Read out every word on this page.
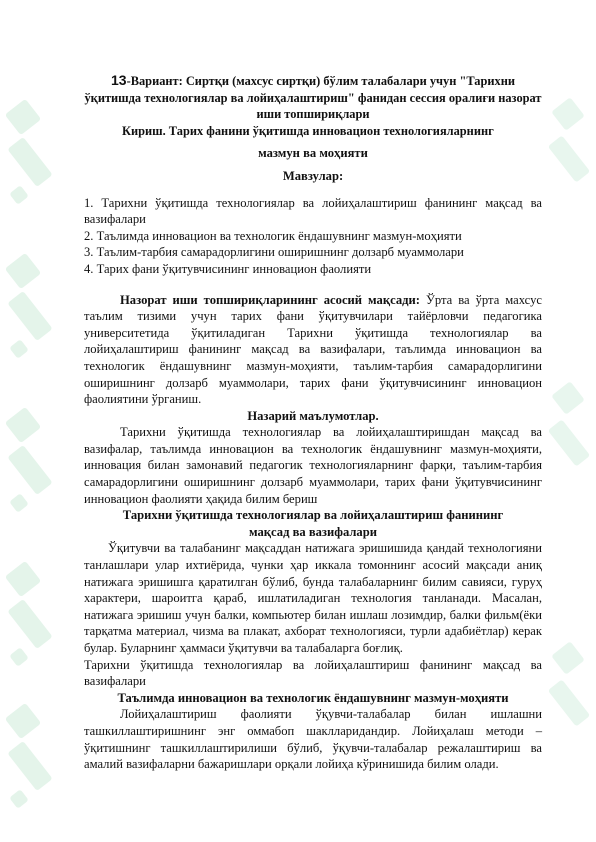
13-Вариант: Сиртқи (махсус сиртқи) бўлим талабалари учун "Тарихни ўқитишда технологиялар ва лойиҳалаштириш" фанидан сессия оралиғи назорат иши топшириқлари

Кириш. Тарих фанини ўқитишда инновацион технологияларнинг

мазмун ва моҳияти

Мавзулар:

1. Тарихни ўқитишда технологиялар ва лойиҳалаштириш фанининг мақсад ва вазифалари
2. Таълимда инновацион ва технологик ёндашувнинг мазмун-моҳияти
3. Таълим-тарбия самарадорлигини оширишнинг долзарб муаммолари
4. Тарих фани ўқитувчисининг инновацион фаолияти

Назорат иши топшириқларининг асосий мақсади: Ўрта ва ўрта махсус таълим тизими учун тарих фани ўқитувчилари тайёрловчи педагогика университетида ўқитиладиган Тарихни ўқитишда технологиялар ва лойиҳалаштириш фанининг мақсад ва вазифалари, таълимда инновацион ва технологик ёндашувнинг мазмун-моҳияти, таълим-тарбия самарадорлигини оширишнинг долзарб муаммолари, тарих фани ўқитувчисининг инновацион фаолиятини ўрганиш.

Назарий маълумотлар.

Тарихни ўқитишда технологиялар ва лойиҳалаштиришдан мақсад ва вазифалар, таълимда инновацион ва технологик ёндашувнинг мазмун-моҳияти, инновация билан замонавий педагогик технологияларнинг фарқи, таълим-тарбия самарадорлигини оширишнинг долзарб муаммолари, тарих фани ўқитувчисининг инновацион фаолияти ҳақида билим бериш

Тарихни ўқитишда технологиялар ва лойиҳалаштириш фанининг

мақсад ва вазифалари

Ўқитувчи ва талабанинг мақсаддан натижага эришишида қандай технологияни танлашлари улар ихтиёрида, чунки ҳар иккала томоннинг асосий мақсади аниқ натижага эришишга қаратилган бўлиб, бунда талабаларнинг билим савияси, гуруҳ характери, шароитга қараб, ишлатиладиган технология танланади. Масалан, натижага эришиш учун балки, компьютер билан ишлаш лозимдир, балки фильм(ёки тарқатма материал, чизма ва плакат, ахборат технологияси, турли адабиётлар) керак булар. Буларнинг ҳаммаси ўқитувчи ва талабаларга боғлиқ.

Тарихни ўқитишда технологиялар ва лойиҳалаштириш фанининг мақсад ва вазифалари

Таълимда инновацион ва технологик ёндашувнинг мазмун-моҳияти

Лойиҳалаштириш фаолияти ўқувчи-талабалар билан ишлашни ташкиллаштиришнинг энг оммабоп шаклларидандир. Лойиҳалаш методи – ўқитишнинг ташкиллаштирилиши бўлиб, ўқувчи-талабалар режалаштириш ва амалий вазифаларни бажаришлари орқали лойиҳа кўринишида билим олади.
